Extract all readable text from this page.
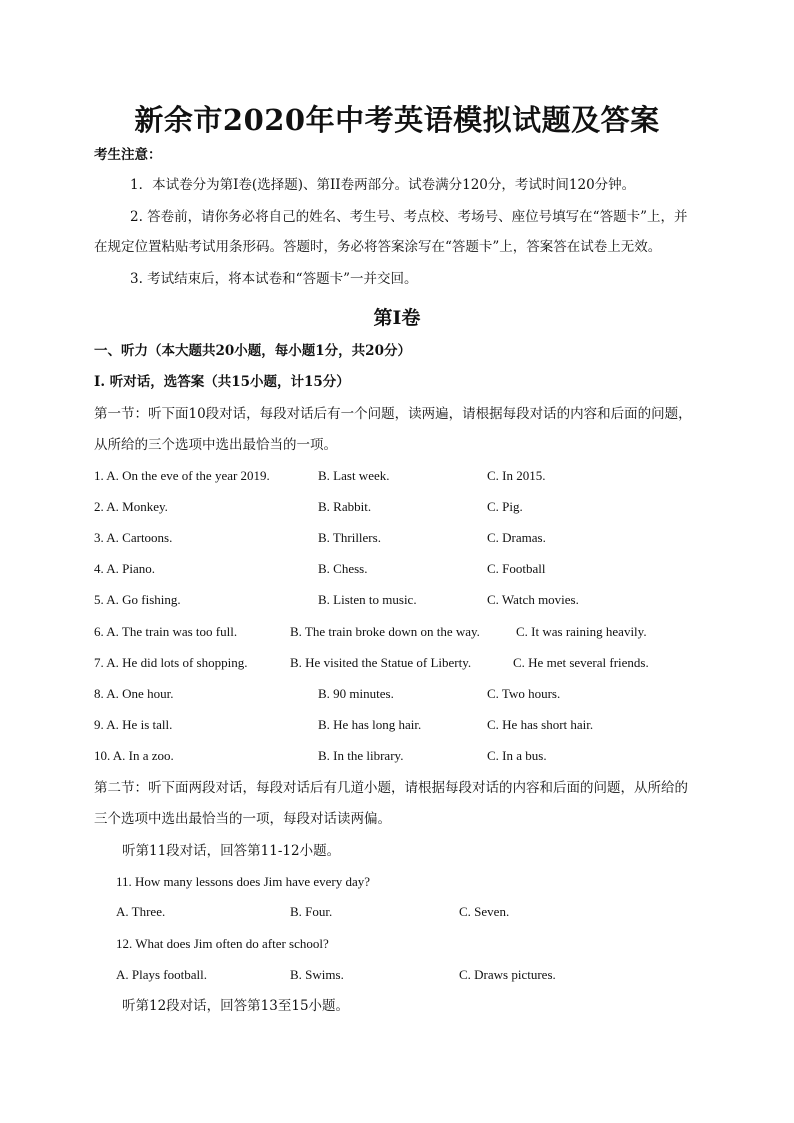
新余市2020年中考英语模拟试题及答案
考生注意：
1．本试卷分为第I卷(选择题)、第II卷两部分。试卷满分120分，考试时间120分钟。
2. 答卷前，请你务必将自己的姓名、考生号、考点校、考场号、座位号填写在“答题卡”上，并
在规定位置粘贴考试用条形码。答题时，务必将答案涂写在“答题卡”上，答案答在试卷上无效。
3. 考试结束后，将本试卷和“答题卡”一并交回。
第I卷
一、听力（本大题共20小题，每小题1分，共20分）
I. 听对话，选答案（共15小题，计15分）
第一节：听下面10段对话，每段对话后有一个问题，读两遍，请根据每段对话的内容和后面的问题，
从所给的三个选项中选出最恰当的一项。
1. A. On the eve of the year 2019.	B. Last week.	C. In 2015.
2. A. Monkey.	B. Rabbit.	C. Pig.
3. A. Cartoons.	B. Thrillers.	C. Dramas.
4. A. Piano.	B. Chess.	C. Football
5. A. Go fishing.	B. Listen to music.	C. Watch movies.
6. A. The train was too full.	B. The train broke down on the way.	C. It was raining heavily.
7. A. He did lots of shopping.	B. He visited the Statue of Liberty.	C. He met several friends.
8. A. One hour.	B. 90 minutes.	C. Two hours.
9. A. He is tall.	B. He has long hair.	C. He has short hair.
10. A. In a zoo.	B. In the library.	C. In a bus.
第二节：听下面两段对话，每段对话后有几道小题，请根据每段对话的内容和后面的问题，从所给的
三个选项中选出最恰当的一项，每段对话读两偏。
听第11段对话，回答第11-12小题。
11. How many lessons does Jim have every day?
A. Three.	B. Four.	C. Seven.
12. What does Jim often do after school?
A. Plays football.	B. Swims.	C. Draws pictures.
听第12段对话，回答第13至15小题。
